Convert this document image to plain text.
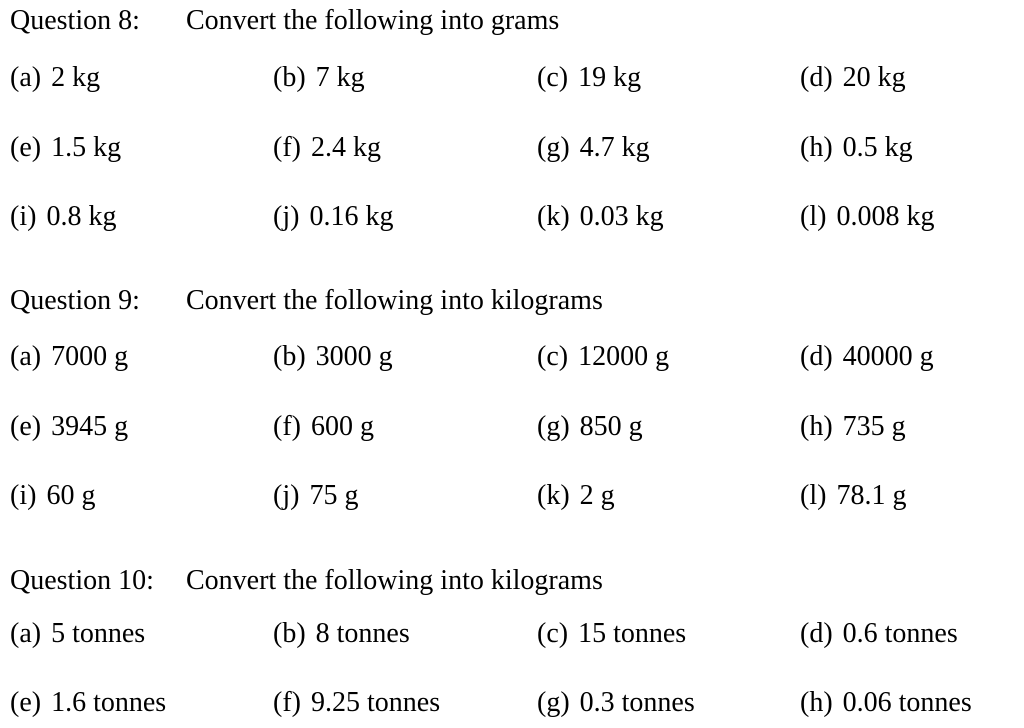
Question 8: Convert the following into grams
(a) 2 kg	(b) 7 kg	(c) 19 kg	(d) 20 kg
(e) 1.5 kg	(f) 2.4 kg	(g) 4.7 kg	(h) 0.5 kg
(i) 0.8 kg	(j) 0.16 kg	(k) 0.03 kg	(l) 0.008 kg
Question 9: Convert the following into kilograms
(a) 7000 g	(b) 3000 g	(c) 12000 g	(d) 40000 g
(e) 3945 g	(f) 600 g	(g) 850 g	(h) 735 g
(i) 60 g	(j) 75 g	(k) 2 g	(l) 78.1 g
Question 10: Convert the following into kilograms
(a) 5 tonnes	(b) 8 tonnes	(c) 15 tonnes	(d) 0.6 tonnes
(e) 1.6 tonnes	(f) 9.25 tonnes	(g) 0.3 tonnes	(h) 0.06 tonnes
